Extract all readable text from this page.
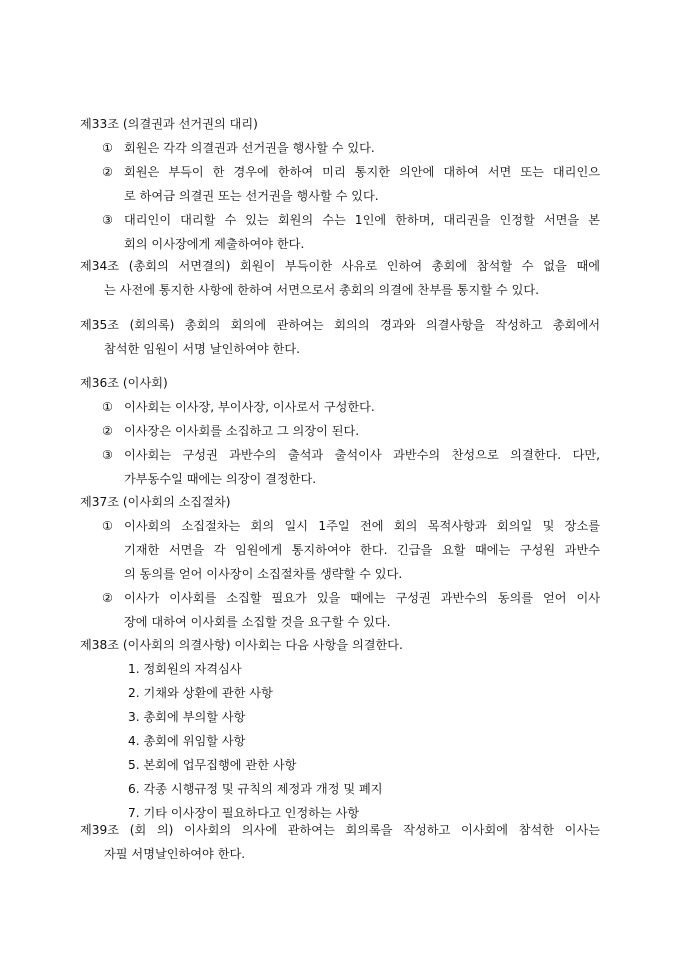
제33조 (의결권과 선거권의 대리)
① 회원은 각각 의결권과 선거권을 행사할 수 있다.
② 회원은 부득이 한 경우에 한하여 미리 통지한 의안에 대하여 서면 또는 대리인으
로 하여금 의결권 또는 선거권을 행사할 수 있다.
③ 대리인이 대리할 수 있는 회원의 수는 1인에 한하며, 대리권을 인정할 서면을 본
회의 이사장에게 제출하여야 한다.
제34조 (총회의 서면결의) 회원이 부득이한 사유로 인하여 총회에 참석할 수 없을 때에
는 사전에 통지한 사항에 한하여 서면으로서 총회의 의결에 찬부를 통지할 수 있다.
제35조 (회의록) 총회의 회의에 관하여는 회의의 경과와 의결사항을 작성하고 총회에서
참석한 임원이 서명 날인하여야 한다.
제36조 (이사회)
① 이사회는 이사장, 부이사장, 이사로서 구성한다.
② 이사장은 이사회를 소집하고 그 의장이 된다.
③ 이사회는 구성권 과반수의 출석과 출석이사 과반수의 찬성으로 의결한다. 다만,
가부동수일 때에는 의장이 결정한다.
제37조 (이사회의 소집절차)
① 이사회의 소집절차는 회의 일시 1주일 전에 회의 목적사항과 회의일 및 장소를
기재한 서면을 각 임원에게 통지하여야 한다. 긴급을 요할 때에는 구성원 과반수
의 동의를 얻어 이사장이 소집절차를 생략할 수 있다.
② 이사가 이사회를 소집할 필요가 있을 때에는 구성권 과반수의 동의를 얻어 이사
장에 대하여 이사회를 소집할 것을 요구할 수 있다.
제38조 (이사회의 의결사항) 이사회는 다음 사항을 의결한다.
1. 정회원의 자격심사
2. 기채와 상환에 관한 사항
3. 총회에 부의할 사항
4. 총회에 위임할 사항
5. 본회에 업무집행에 관한 사항
6. 각종 시행규정 및 규칙의 제정과 개정 및 폐지
7. 기타 이사장이 필요하다고 인정하는 사항
제39조 (회 의) 이사회의 의사에 관하여는 회의록을 작성하고 이사회에 참석한 이사는
자필 서명날인하여야 한다.
